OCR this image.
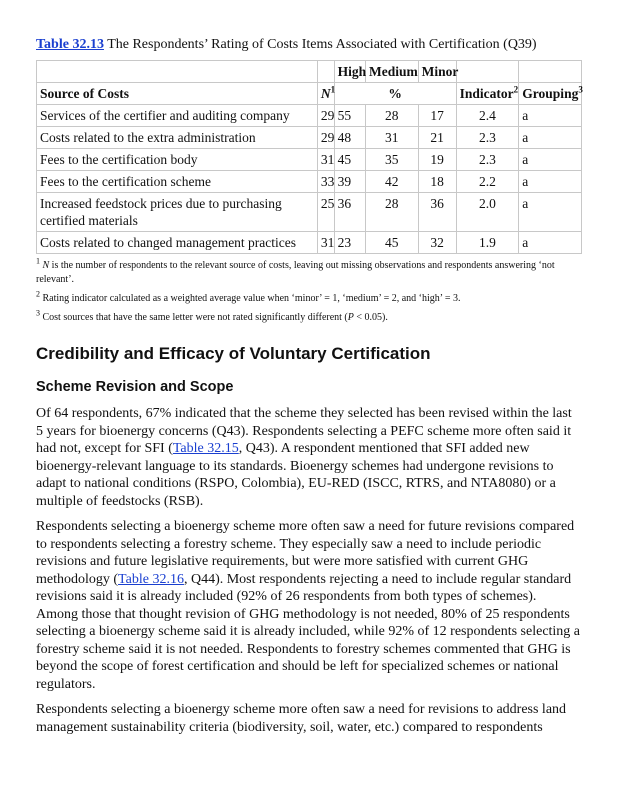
Table 32.13 The Respondents’ Rating of Costs Items Associated with Certification (Q39)

		High	Medium	Minor		
Source of Costs	$N^1$	%			Indicator$^2$	Grouping$^3$
Services of the certifier and auditing company	29	55	28	17	2.4	a
Costs related to the extra administration	29	48	31	21	2.3	a
Fees to the certification body	31	45	35	19	2.3	a
Fees to the certification scheme	33	39	42	18	2.2	a
Increased feedstock prices due to purchasing certified materials	25	36	28	36	2.0	a
Costs related to changed management practices	31	23	45	32	1.9	a

$^1$ N is the number of respondents to the relevant source of costs, leaving out missing observations and respondents answering ‘not relevant’.

$^2$ Rating indicator calculated as a weighted average value when ‘minor’ = 1, ‘medium’ = 2, and ‘high’ = 3.

$^3$ Cost sources that have the same letter were not rated significantly different (P < 0.05).

Credibility and Efficacy of Voluntary Certification
Scheme Revision and Scope

Of 64 respondents, 67% indicated that the scheme they selected has been revised within the last 5 years for bioenergy concerns (Q43). Respondents selecting a PEFC scheme more often said it had not, except for SFI (Table 32.15, Q43). A respondent mentioned that SFI added new bioenergy-relevant language to its standards. Bioenergy schemes had undergone revisions to adapt to national conditions (RSPO, Colombia), EU-RED (ISCC, RTRS, and NTA8080) or a multiple of feedstocks (RSB).

Respondents selecting a bioenergy scheme more often saw a need for future revisions compared to respondents selecting a forestry scheme. They especially saw a need to include periodic revisions and future legislative requirements, but were more satisfied with current GHG methodology (Table 32.16, Q44). Most respondents rejecting a need to include regular standard revisions said it is already included (92% of 26 respondents from both types of schemes). Among those that thought revision of GHG methodology is not needed, 80% of 25 respondents selecting a bioenergy scheme said it is already included, while 92% of 12 respondents selecting a forestry scheme said it is not needed. Respondents to forestry schemes commented that GHG is beyond the scope of forest certification and should be left for specialized schemes or national regulators.

Respondents selecting a bioenergy scheme more often saw a need for revisions to address land management sustainability criteria (biodiversity, soil, water, etc.) compared to respondents
